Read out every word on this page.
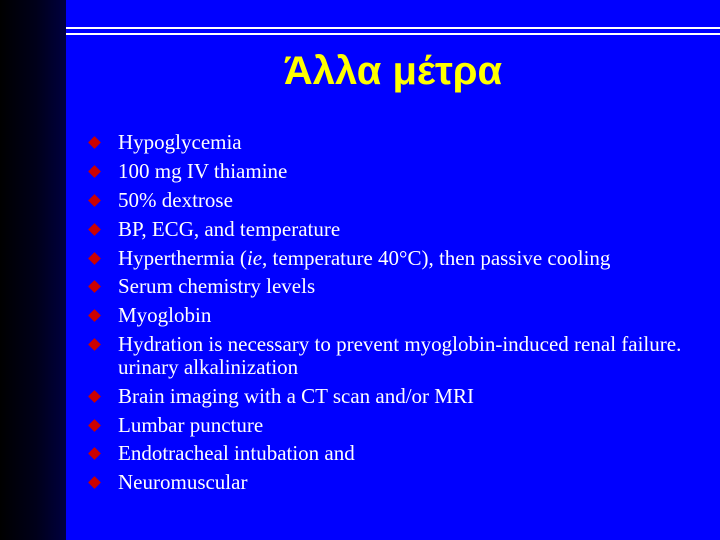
Άλλα μέτρα
Hypoglycemia
100 mg IV thiamine
50% dextrose
BP, ECG, and temperature
Hyperthermia (ie, temperature 40°C), then passive cooling
Serum chemistry levels
Myoglobin
Hydration is necessary to prevent myoglobin-induced renal failure. urinary alkalinization
Brain imaging with a CT scan and/or MRI
Lumbar puncture
Endotracheal intubation and
Neuromuscular
